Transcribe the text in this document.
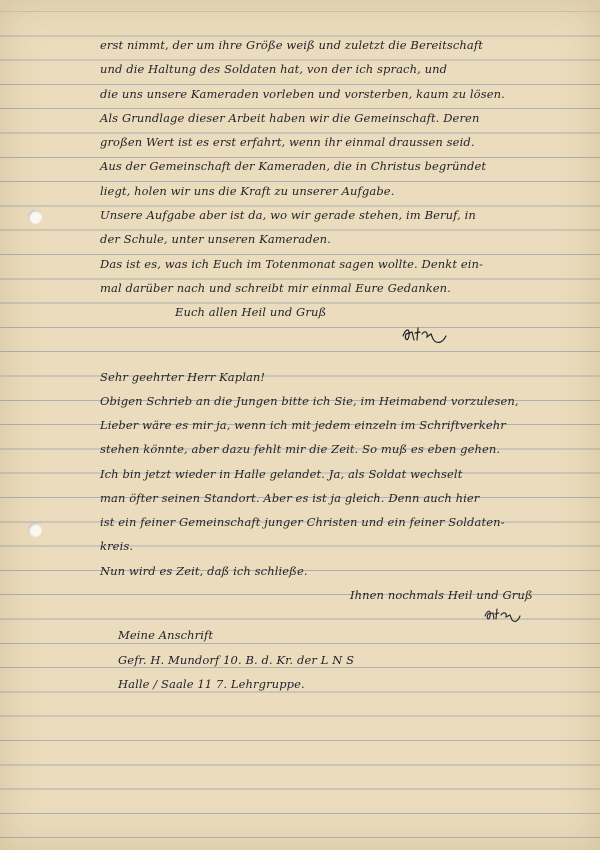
erst nimmt, der um ihre Größe weiß und zuletzt die Bereitschaft

und die Haltung des Soldaten hat, von der ich sprach, und

die uns unsere Kameraden vorleben und vorsterben, kaum zu lösen.

Als Grundlage dieser Arbeit haben wir die Gemeinschaft. Deren

großen Wert ist es erst erfahrt, wenn ihr einmal draussen seid.

Aus der Gemeinschaft der Kameraden, die in Christus begründet

liegt, holen wir uns die Kraft zu unserer Aufgabe.

Unsere Aufgabe aber ist da, wo wir gerade stehen, im Beruf, in

der Schule, unter unseren Kameraden.

Das ist es, was ich Euch im Totenmonat sagen wollte. Denkt ein-

mal darüber nach und schreibt mir einmal Eure Gedanken.

Euch allen Heil und Gruß

Sehr geehrter Herr Kaplan!

Obigen Schrieb an die Jungen bitte ich Sie, im Heimabend vorzulesen,

Lieber wäre es mir ja, wenn ich mit jedem einzeln im Schriftverkehr

stehen könnte, aber dazu fehlt mir die Zeit. So muß es eben gehen.

Ich bin jetzt wieder in Halle gelandet. Ja, als Soldat wechselt

man öfter seinen Standort. Aber es ist ja gleich. Denn auch hier

ist ein feiner Gemeinschaft junger Christen und ein feiner Soldaten-

kreis.

Nun wird es Zeit, daß ich schließe.

Ihnen nochmals Heil und Gruß

Meine Anschrift

Gefr. H. Mundorf 10. B. d. Kr. der L N S

Halle / Saale 11 7. Lehrgruppe.
